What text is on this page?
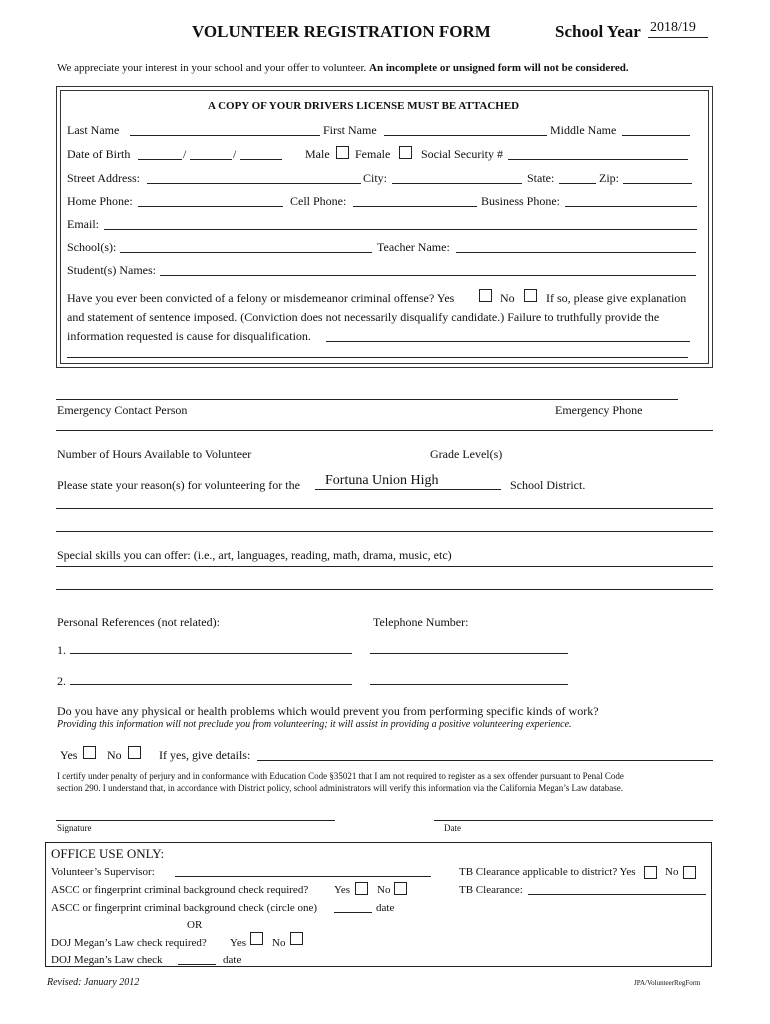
VOLUNTEER REGISTRATION FORM	School Year 2018/19
We appreciate your interest in your school and your offer to volunteer. An incomplete or unsigned form will not be considered.
A COPY OF YOUR DRIVERS LICENSE MUST BE ATTACHED
Last Name	First Name	Middle Name
Date of Birth	/	/	Male Female	Social Security #
Street Address:	City:	State:	Zip:
Home Phone:	Cell Phone:	Business Phone:
Email:
School(s):	Teacher Name:
Student(s) Names:
Have you ever been convicted of a felony or misdemeanor criminal offense? Yes	No	If so, please give explanation
and statement of sentence imposed. (Conviction does not necessarily disqualify candidate.) Failure to truthfully provide the
information requested is cause for disqualification.
Emergency Contact Person	Emergency Phone
Number of Hours Available to Volunteer	Grade Level(s)
Please state your reason(s) for volunteering for the Fortuna Union High	School District.
Special skills you can offer: (i.e., art, languages, reading, math, drama, music, etc)
Personal References (not related):	Telephone Number:
1.
2.
Do you have any physical or health problems which would prevent you from performing specific kinds of work?
Providing this information will not preclude you from volunteering; it will assist in providing a positive volunteering experience.
Yes No	If yes, give details:
I certify under penalty of perjury and in conformance with Education Code §35021 that I am not required to register as a sex offender pursuant to Penal Code
section 290. I understand that, in accordance with District policy, school administrators will verify this information via the California Megan’s Law database.
Signature	Date
OFFICE USE ONLY:
Volunteer’s Supervisor:	TB Clearance applicable to district? Yes	No
ASCC or fingerprint criminal background check required? Yes No	TB Clearance:
ASCC or fingerprint criminal background check (circle one)	date
OR
DOJ Megan’s Law check required? Yes No
DOJ Megan’s Law check	date
Revised: January 2012	JPA/VolunteerRegForm
